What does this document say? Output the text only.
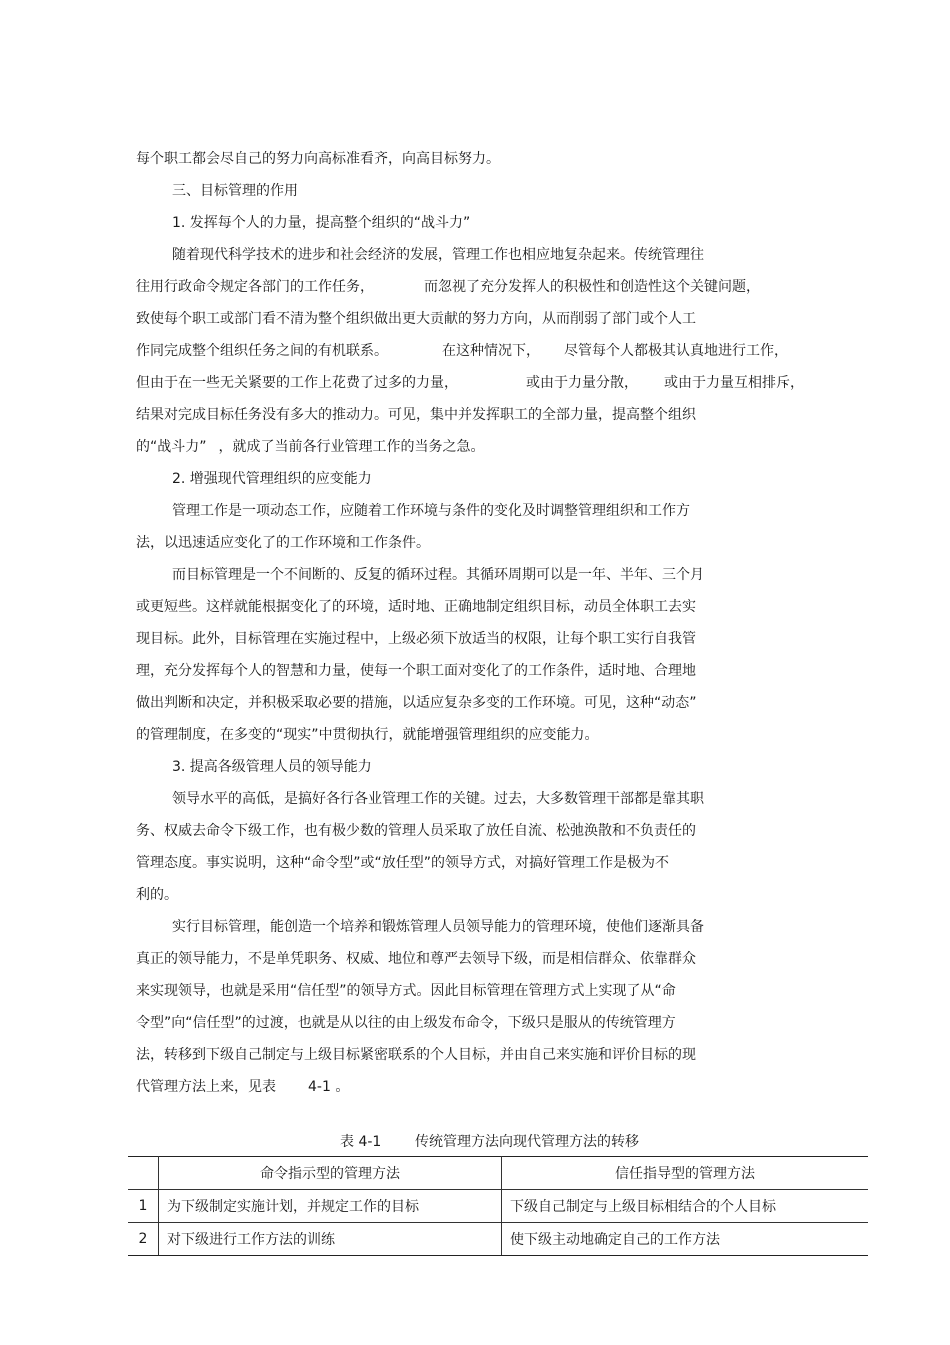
每个职工都会尽自己的努力向高标准看齐，向高目标努力。
三、目标管理的作用
1. 发挥每个人的力量，提高整个组织的“战斗力”
随着现代科学技术的进步和社会经济的发展，管理工作也相应地复杂起来。传统管理往
往用行政命令规定各部门的工作任务，	而忽视了充分发挥人的积极性和创造性这个关键问题，
致使每个职工或部门看不清为整个组织做出更大贡献的努力方向，从而削弱了部门或个人工
作同完成整个组织任务之间的有机联系。	在这种情况下， 尽管每个人都极其认真地进行工作，
但由于在一些无关紧要的工作上花费了过多的力量，	或由于力量分散， 或由于力量互相排斥，
结果对完成目标任务没有多大的推动力。可见，集中并发挥职工的全部力量，提高整个组织
的“战斗力” ，就成了当前各行业管理工作的当务之急。
2. 增强现代管理组织的应变能力
管理工作是一项动态工作，应随着工作环境与条件的变化及时调整管理组织和工作方
法，以迅速适应变化了的工作环境和工作条件。
而目标管理是一个不间断的、反复的循环过程。其循环周期可以是一年、半年、三个月
或更短些。这样就能根据变化了的环境，适时地、正确地制定组织目标，动员全体职工去实
现目标。此外，目标管理在实施过程中，上级必须下放适当的权限，让每个职工实行自我管
理，充分发挥每个人的智慧和力量，使每一个职工面对变化了的工作条件，适时地、合理地
做出判断和决定，并积极采取必要的措施，以适应复杂多变的工作环境。可见，这种“动态”
的管理制度，在多变的“现实”中贯彻执行，就能增强管理组织的应变能力。
3. 提高各级管理人员的领导能力
领导水平的高低，是搞好各行各业管理工作的关键。过去，大多数管理干部都是靠其职
务、权威去命令下级工作，也有极少数的管理人员采取了放任自流、松弛涣散和不负责任的
管理态度。事实说明，这种“命令型”或“放任型”的领导方式，对搞好管理工作是极为不
利的。
实行目标管理，能创造一个培养和锻炼管理人员领导能力的管理环境，使他们逐渐具备
真正的领导能力，不是单凭职务、权威、地位和尊严去领导下级，而是相信群众、依靠群众
来实现领导，也就是采用“信任型”的领导方式。因此目标管理在管理方式上实现了从“命
令型”向“信任型”的过渡，也就是从以往的由上级发布命令，下级只是服从的传统管理方
法，转移到下级自己制定与上级目标紧密联系的个人目标，并由自己来实施和评价目标的现
代管理方法上来，见表 4-1 。
表 4-1 传统管理方法向现代管理方法的转移
	命令指示型的管理方法	信任指导型的管理方法
1	为下级制定实施计划，并规定工作的目标	下级自己制定与上级目标相结合的个人目标
2	对下级进行工作方法的训练	使下级主动地确定自己的工作方法
